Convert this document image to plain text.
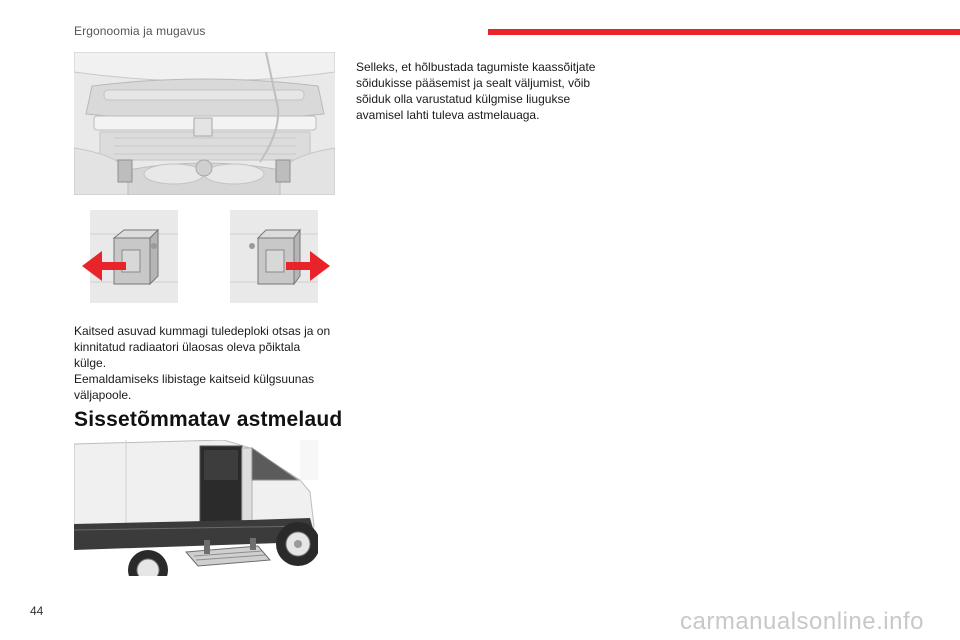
Ergonoomia ja mugavus

Kaitsed asuvad kummagi tuledeploki otsas ja on kinnitatud radiaatori ülaosas oleva põiktala külge.

Eemaldamiseks libistage kaitseid külgsuunas väljapoole.

Sissetõmmatav astmelaud

Selleks, et hõlbustada tagumiste kaassõitjate sõidukisse pääsemist ja sealt väljumist, võib sõiduk olla varustatud külgmise liugukse avamisel lahti tuleva astmelauaga.

44	carmanualsonline.info
